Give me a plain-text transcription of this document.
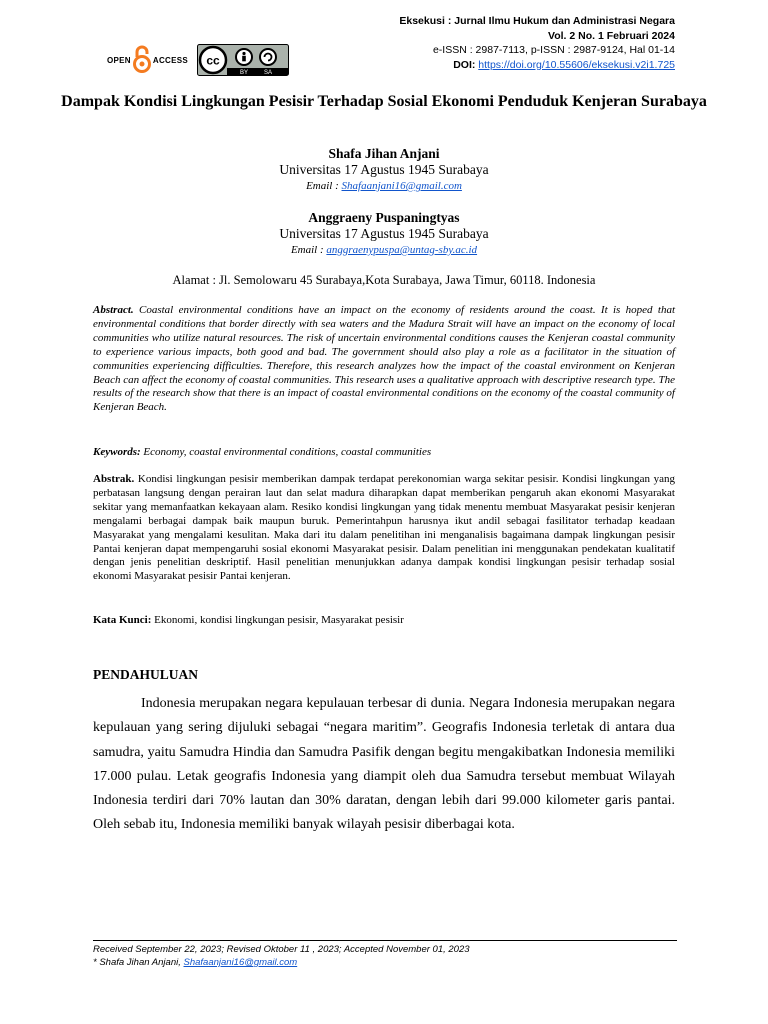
Eksekusi : Jurnal Ilmu Hukum dan Administrasi Negara
Vol. 2 No. 1 Februari 2024
e-ISSN : 2987-7113, p-ISSN : 2987-9124, Hal 01-14
DOI: https://doi.org/10.55606/eksekusi.v2i1.725
OPEN	ACCESS cc
BY	SA
Dampak Kondisi Lingkungan Pesisir Terhadap Sosial Ekonomi Penduduk Kenjeran Surabaya
Shafa Jihan Anjani
Universitas 17 Agustus 1945 Surabaya
Email : Shafaanjani16@gmail.com
Anggraeny Puspaningtyas
Universitas 17 Agustus 1945 Surabaya
Email : anggraenypuspa@untag-sby.ac.id
Alamat : Jl. Semolowaru 45 Surabaya,Kota Surabaya, Jawa Timur, 60118. Indonesia
Abstract. Coastal environmental conditions have an impact on the economy of residents around the coast. It is hoped that environmental conditions that border directly with sea waters and the Madura Strait will have an impact on the economy of local communities who utilize natural resources. The risk of uncertain environmental conditions causes the Kenjeran coastal community to experience various impacts, both good and bad. The government should also play a role as a facilitator in the situation of communities experiencing difficulties. Therefore, this research analyzes how the impact of the coastal environment on Kenjeran Beach can affect the economy of coastal communities. This research uses a qualitative approach with descriptive research type. The results of the research show that there is an impact of coastal environmental conditions on the economy of the coastal community of Kenjeran Beach.
Keywords: Economy, coastal environmental conditions, coastal communities
Abstrak. Kondisi lingkungan pesisir memberikan dampak terdapat perekonomian warga sekitar pesisir. Kondisi lingkungan yang perbatasan langsung dengan perairan laut dan selat madura diharapkan dapat memberikan pengaruh akan ekonomi Masyarakat sekitar yang memanfaatkan kekayaan alam. Resiko kondisi lingkungan yang tidak menentu membuat Masyarakat pesisir kenjeran mengalami berbagai dampak baik maupun buruk. Pemerintahpun harusnya ikut andil sebagai fasilitator terhadap keadaan Masyarakat yang mengalami kesulitan. Maka dari itu dalam penelitihan ini menganalisis bagaimana dampak lingkungan pesisir Pantai kenjeran dapat mempengaruhi sosial ekonomi Masyarakat pesisir. Dalam penelitian ini menggunakan pendekatan kualitatif dengan jenis penelitian deskriptif. Hasil penelitian menunjukkan adanya dampak kondisi lingkungan pesisir terhadap sosial ekonomi Masyarakat pesisir Pantai kenjeran.
Kata Kunci: Ekonomi, kondisi lingkungan pesisir, Masyarakat pesisir
PENDAHULUAN
Indonesia merupakan negara kepulauan terbesar di dunia. Negara Indonesia merupakan negara kepulauan yang sering dijuluki sebagai “negara maritim”. Geografis Indonesia terletak di antara dua samudra, yaitu Samudra Hindia dan Samudra Pasifik dengan begitu mengakibatkan Indonesia memiliki 17.000 pulau. Letak geografis Indonesia yang diampit oleh dua Samudra tersebut membuat Wilayah Indonesia terdiri dari 70% lautan dan 30% daratan, dengan lebih dari 99.000 kilometer garis pantai. Oleh sebab itu, Indonesia memiliki banyak wilayah pesisir diberbagai kota.
Received September 22, 2023; Revised Oktober 11 , 2023; Accepted November 01, 2023
* Shafa Jihan Anjani, Shafaanjani16@gmail.com
